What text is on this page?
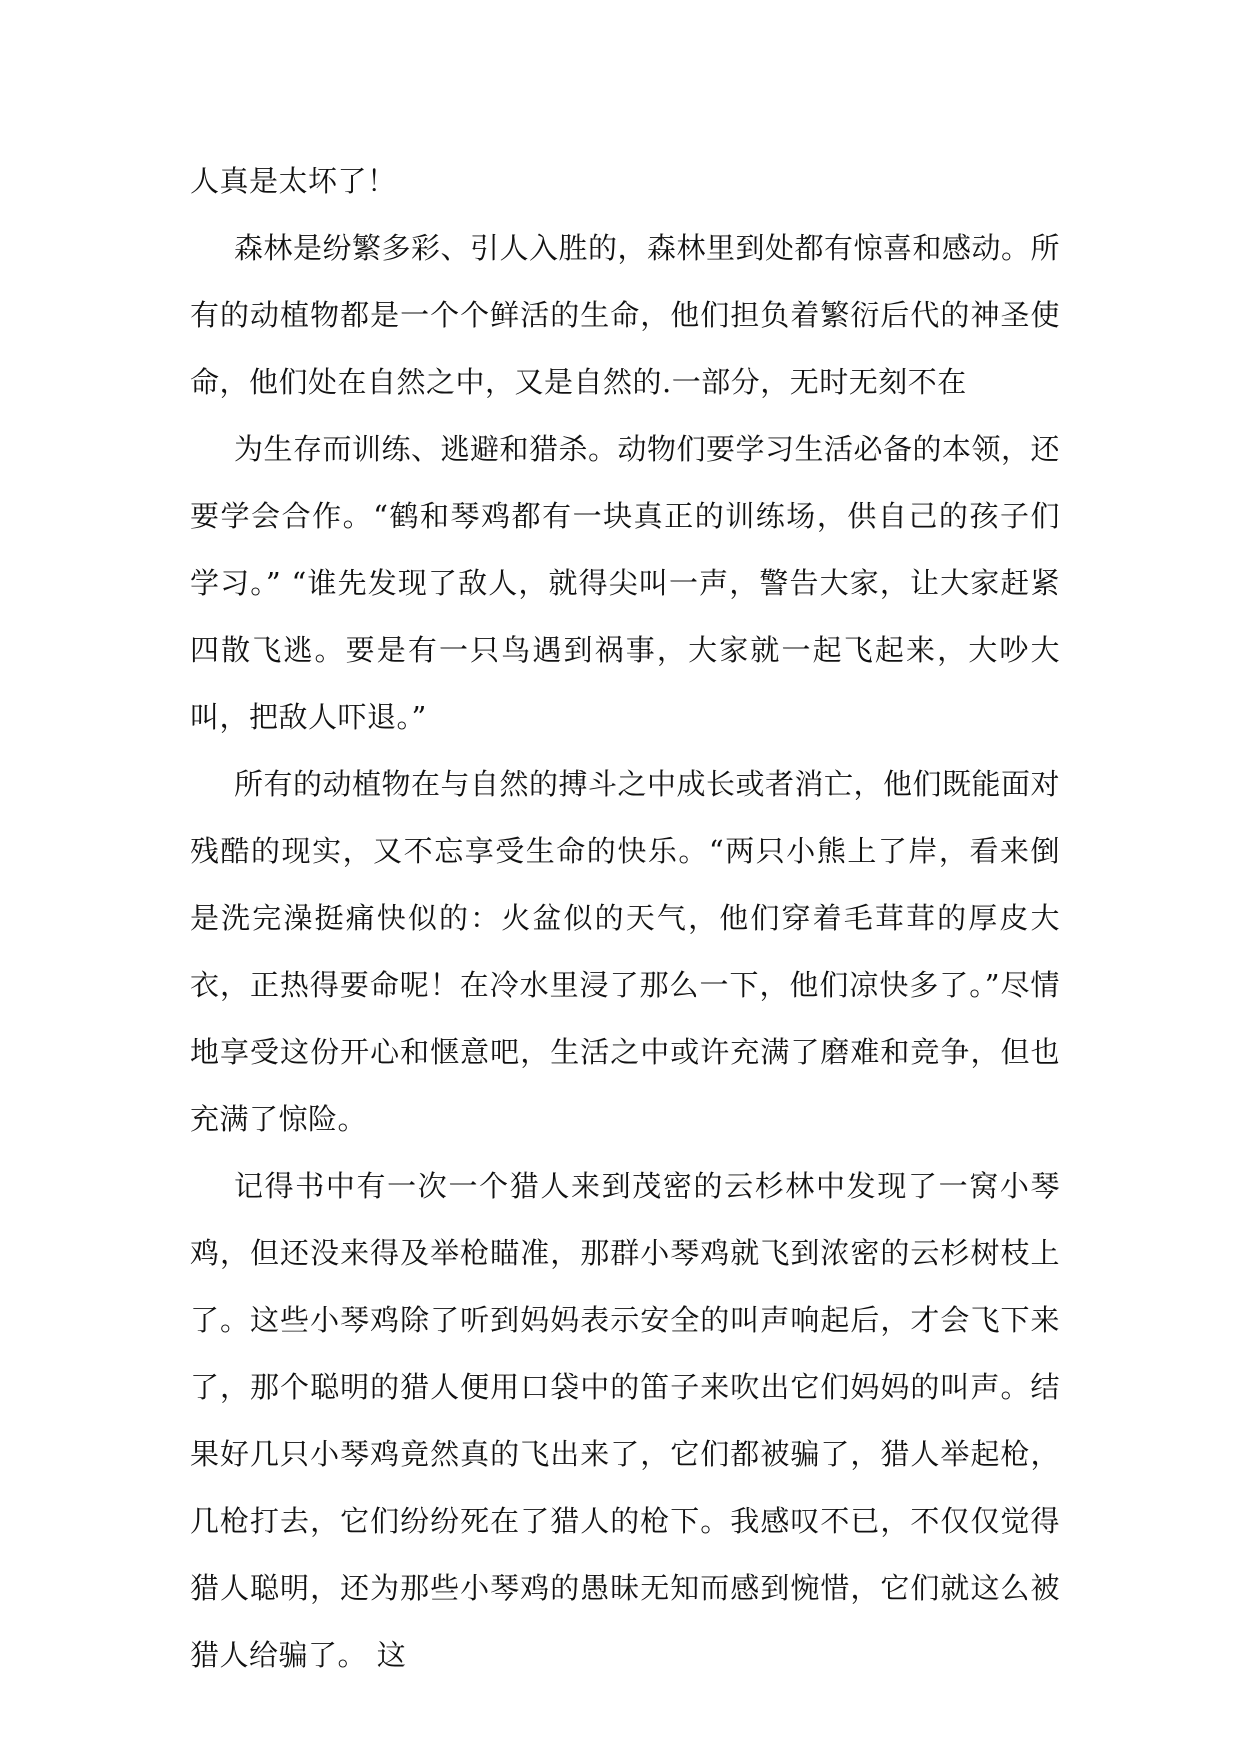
人真是太坏了！

森林是纷繁多彩、引人入胜的，森林里到处都有惊喜和感动。所有的动植物都是一个个鲜活的生命，他们担负着繁衍后代的神圣使命，他们处在自然之中，又是自然的.一部分，无时无刻不在

为生存而训练、逃避和猎杀。动物们要学习生活必备的本领，还要学会合作。“鹤和琴鸡都有一块真正的训练场，供自己的孩子们学习。” “谁先发现了敌人，就得尖叫一声，警告大家，让大家赶紧四散飞逃。要是有一只鸟遇到祸事，大家就一起飞起来，大吵大叫，把敌人吓退。”

所有的动植物在与自然的搏斗之中成长或者消亡，他们既能面对残酷的现实，又不忘享受生命的快乐。“两只小熊上了岸，看来倒是洗完澡挺痛快似的：火盆似的天气，他们穿着毛茸茸的厚皮大衣，正热得要命呢！在冷水里浸了那么一下，他们凉快多了。”尽情地享受这份开心和惬意吧，生活之中或许充满了磨难和竞争，但也充满了惊险。

记得书中有一次一个猎人来到茂密的云杉林中发现了一窝小琴鸡，但还没来得及举枪瞄准，那群小琴鸡就飞到浓密的云杉树枝上了。这些小琴鸡除了听到妈妈表示安全的叫声响起后，才会飞下来了，那个聪明的猎人便用口袋中的笛子来吹出它们妈妈的叫声。结果好几只小琴鸡竟然真的飞出来了，它们都被骗了，猎人举起枪，几枪打去，它们纷纷死在了猎人的枪下。我感叹不已，不仅仅觉得猎人聪明，还为那些小琴鸡的愚昧无知而感到惋惜，它们就这么被猎人给骗了。 这
